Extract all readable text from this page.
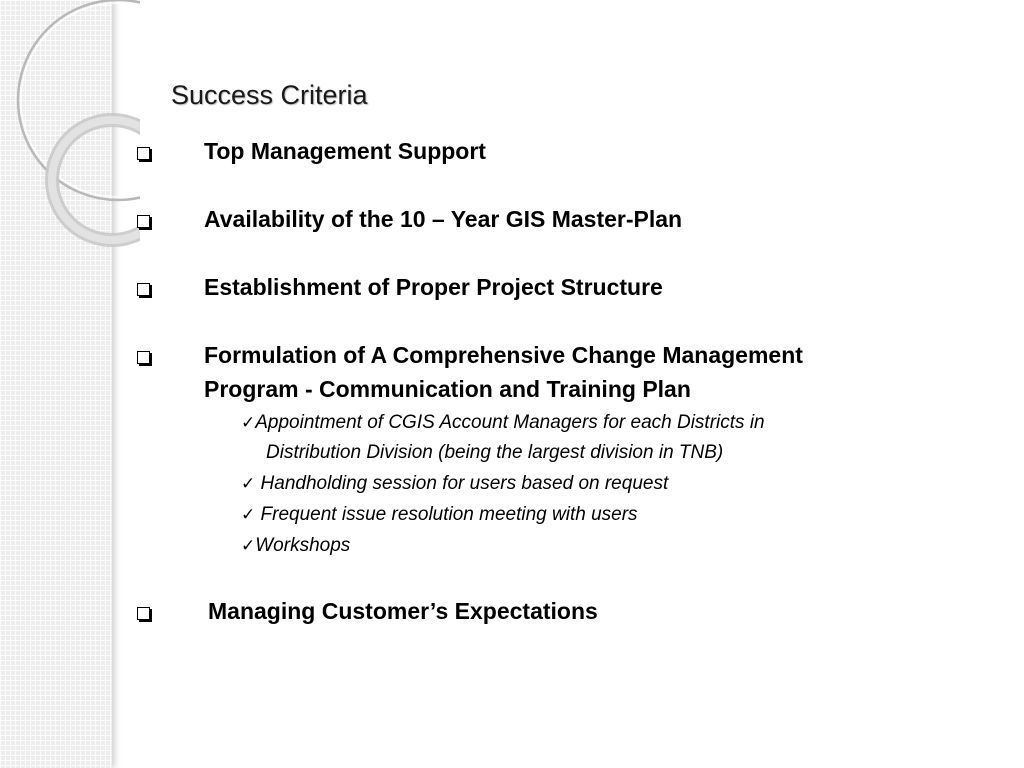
Success Criteria
Top Management Support
Availability of the 10 – Year GIS Master-Plan
Establishment of Proper Project Structure
Formulation of A Comprehensive Change Management
Program - Communication and Training Plan
✓Appointment of CGIS Account Managers for each Districts in
Distribution Division (being the largest division in TNB)
✓ Handholding session for users based on request
✓ Frequent issue resolution meeting with users
✓Workshops
Managing Customer’s Expectations
